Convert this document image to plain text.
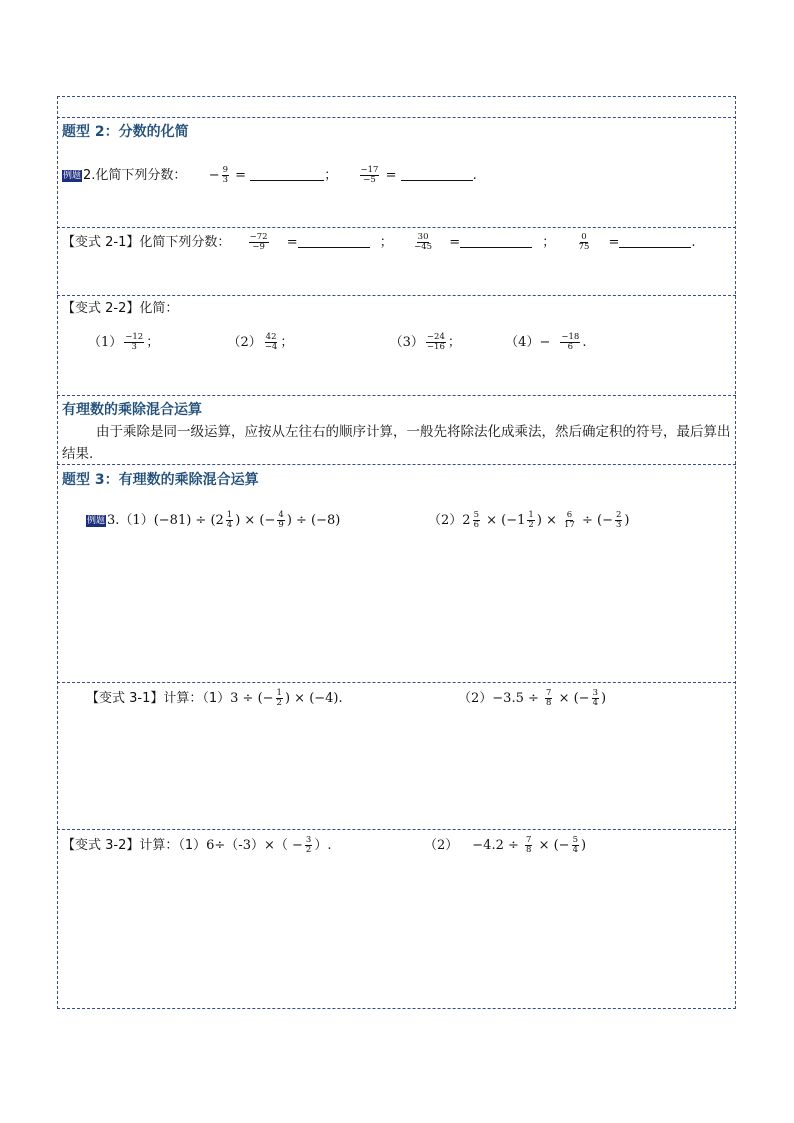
题型 2：分数的化简
例题 2.化简下列分数： − $\frac{9}{3}$ =	；	$\frac{-17}{-5}$ =	.
【变式 2-1】化简下列分数： $\frac{-72}{-9}$ =	； $\frac{30}{-45}$ =	；	$\frac{0}{75}$ =	.
【变式 2-2】化简：
$(1) \frac{-12}{3}$ ；	$(2) \frac{42}{-4}$ ；	$(3) \frac{-24}{-16}$ ；	$(4)- \frac{-18}{6}$ .
有理数的乘除混合运算
由于乘除是同一级运算，应按从左往右的顺序计算，一般先将除法化成乘法，然后确定积的符号，最后算出结果.
题型 3：有理数的乘除混合运算
例题 $3.(1)(-81) \div (2 \frac{1}{4}$ ) × (− $\frac{4}{9}$ ) ÷ (−8)	$(2)2 \frac{5}{6} \times (-1 \frac{1}{2}$ ) × $\frac{6}{17}$ ÷ (− $\frac{2}{3}$ )
【变式 3-1】计算：（1）3 ÷ (− $\frac{1}{2}$ ) × (−4).	$(2)-3.5 \div \frac{7}{8}$ × (− $\frac{3}{4}$ )
【变式 3-2】计算：$(1)6\div(-3)\times( - \frac{3}{2}$ ）.	$(2) -4.2 \div \frac{7}{8}$ × (− $\frac{5}{4}$ )
